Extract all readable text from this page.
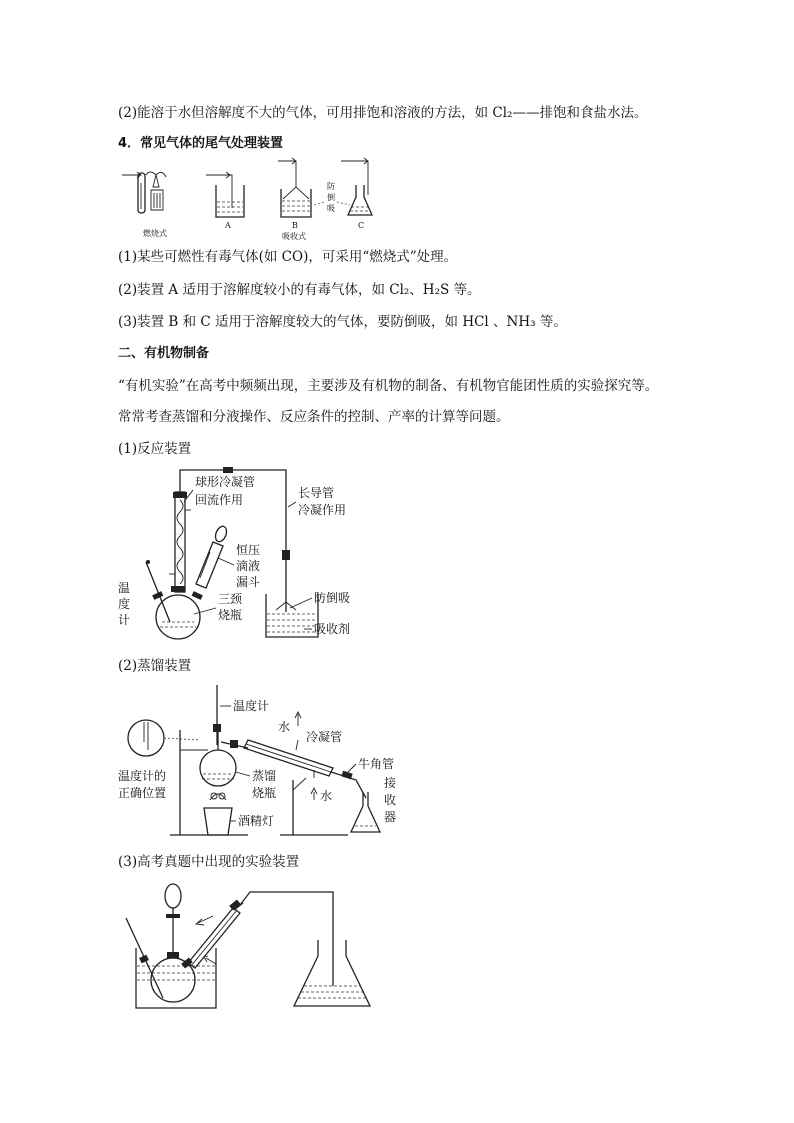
(2)能溶于水但溶解度不大的气体，可用排饱和溶液的方法，如 Cl₂——排饱和食盐水法。
4．常见气体的尾气处理装置
(1)某些可燃性有毒气体(如 CO)，可采用“燃烧式”处理。
(2)装置 A 适用于溶解度较小的有毒气体，如 Cl₂、H₂S 等。
(3)装置 B 和 C 适用于溶解度较大的气体，要防倒吸，如 HCl 、NH₃ 等。
二、有机物制备
“有机实验”在高考中频频出现，主要涉及有机物的制备、有机物官能团性质的实验探究等。
常常考查蒸馏和分液操作、反应条件的控制、产率的计算等问题。
(1)反应装置
(2)蒸馏装置
(3)高考真题中出现的实验装置
燃烧式
A	B
吸收式
防
倒
吸
C
球形冷凝管
回流作用	长导管
冷凝作用
恒压
滴液
漏斗
温
度
计
三颈
烧瓶
防倒吸
吸收剂
温度计
水
冷凝管
牛角管
温度计的
正确位置
蒸馏
烧瓶	水
接
收
器
酒精灯
